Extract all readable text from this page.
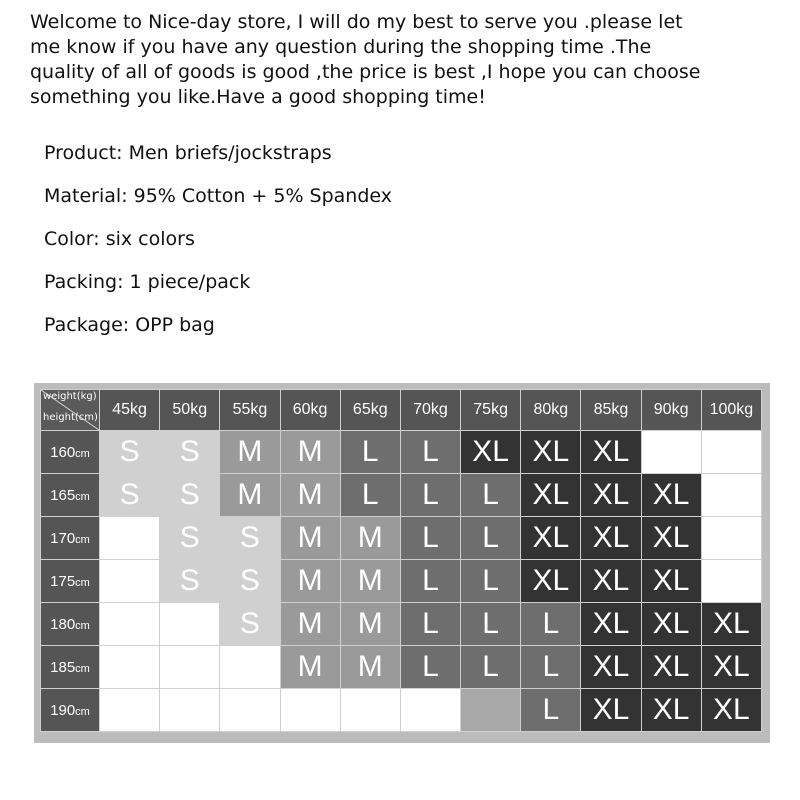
Welcome to Nice-day store, I will do my best to serve you .please let
me know if you have any question during the shopping time .The
quality of all of goods is good ,the price is best ,I hope you can choose
something you like.Have a good shopping time!
Product: Men briefs/jockstraps
Material: 95% Cotton + 5% Spandex
Color: six colors
Packing: 1 piece/pack
Package: OPP bag
weight(kg)
height(cm)	45kg	50kg	55kg	60kg	65kg	70kg	75kg	80kg	85kg	90kg	100kg
160cm	S	S	M	M	L	L	XL	XL	XL		
165cm	S	S	M	M	L	L	L	XL	XL	XL	
170cm		S	S	M	M	L	L	XL	XL	XL	
175cm		S	S	M	M	L	L	XL	XL	XL	
180cm			S	M	M	L	L	L	XL	XL	XL
185cm				M	M	L	L	L	XL	XL	XL
190cm								L	XL	XL	XL
